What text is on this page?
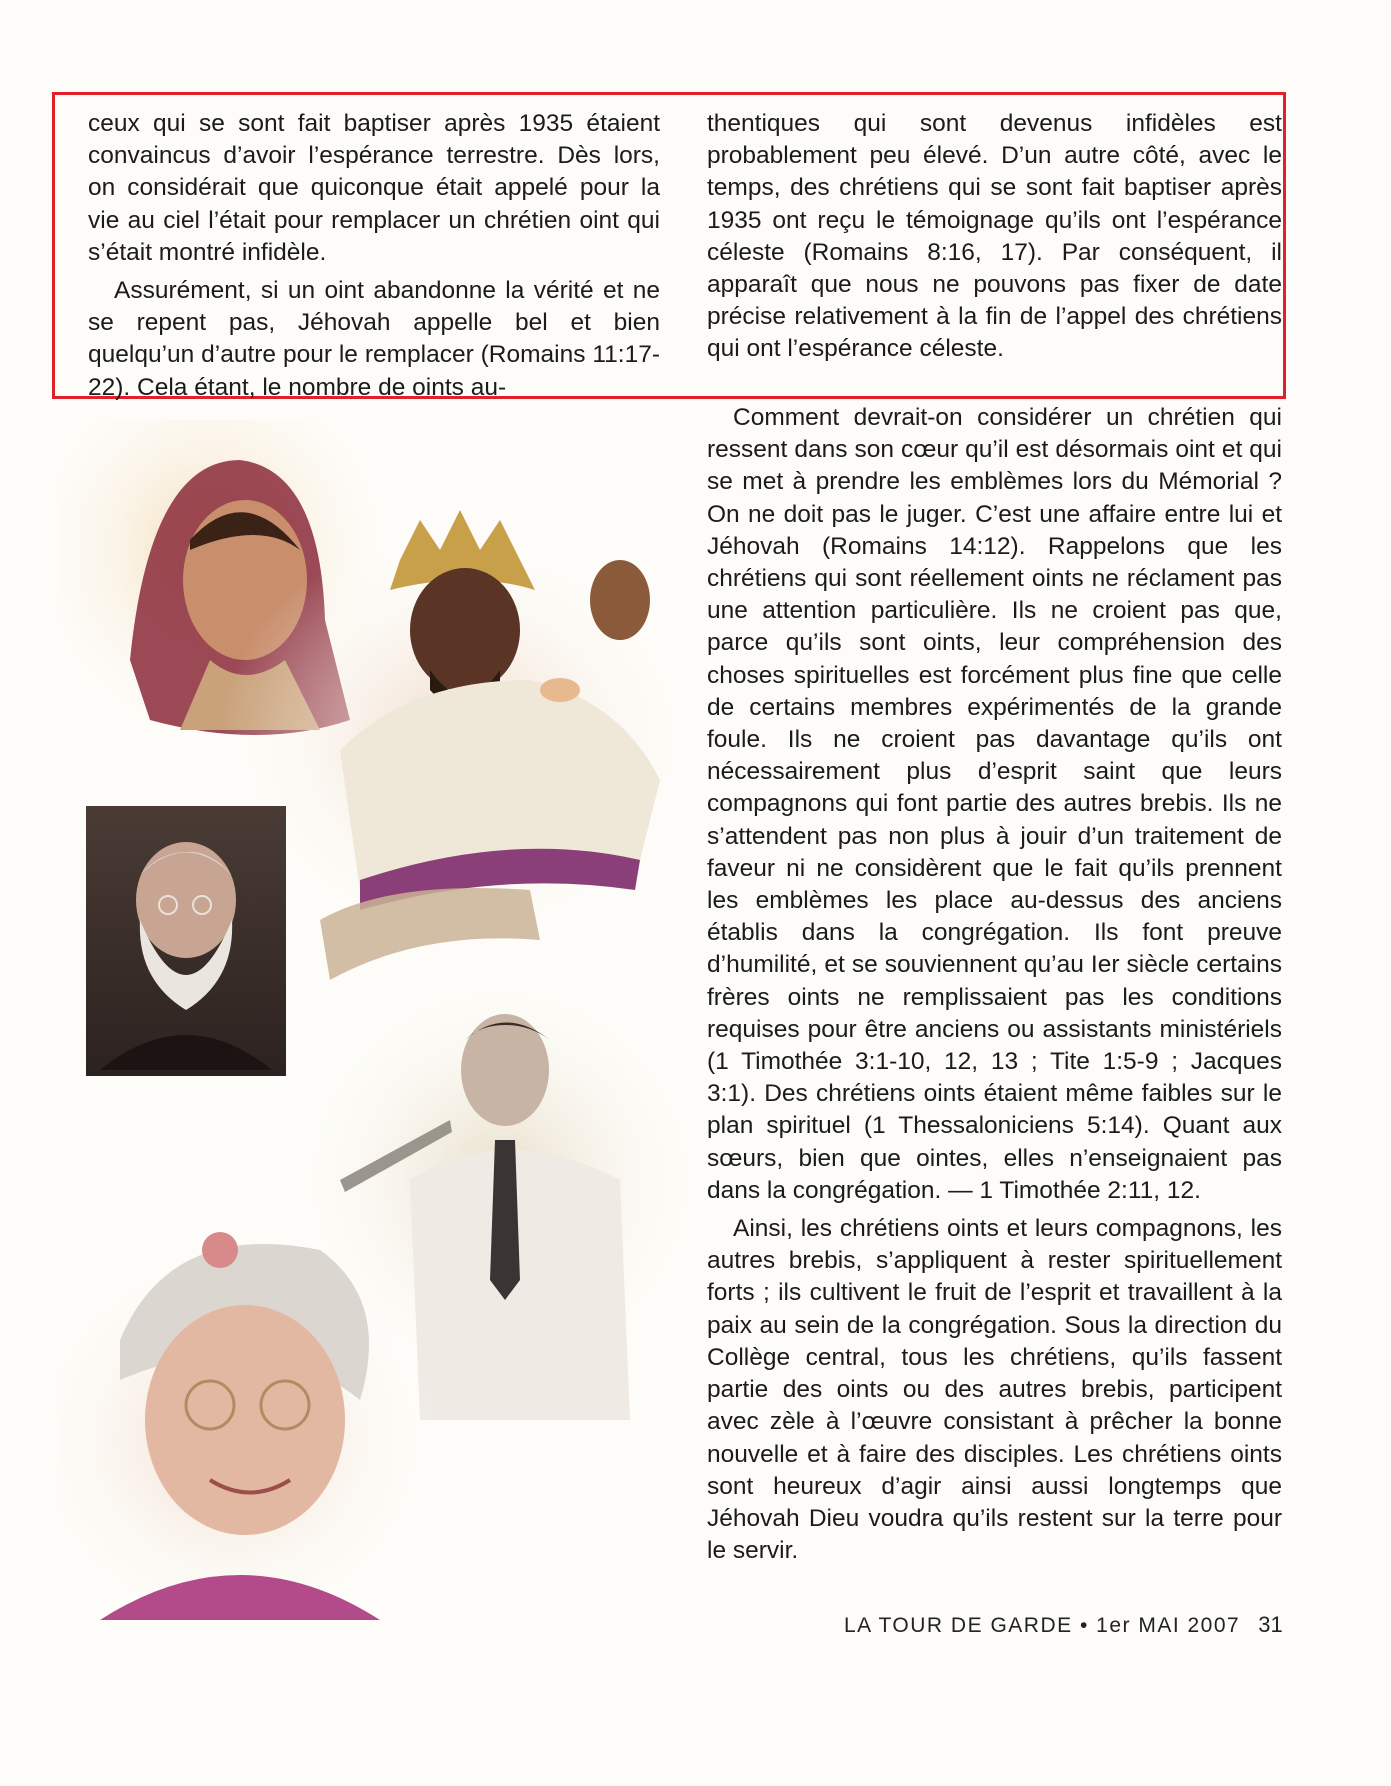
ceux qui se sont fait baptiser après 1935 étaient convaincus d’avoir l’espérance terrestre. Dès lors, on considérait que quiconque était appelé pour la vie au ciel l’était pour remplacer un chrétien oint qui s’était montré infidèle.

Assurément, si un oint abandonne la vérité et ne se repent pas, Jéhovah appelle bel et bien quelqu’un d’autre pour le remplacer (Romains 11:17-22). Cela étant, le nombre de oints au-

thentiques qui sont devenus infidèles est probablement peu élevé. D’un autre côté, avec le temps, des chrétiens qui se sont fait baptiser après 1935 ont reçu le témoignage qu’ils ont l’espérance céleste (Romains 8:16, 17). Par conséquent, il apparaît que nous ne pouvons pas fixer de date précise relativement à la fin de l’appel des chrétiens qui ont l’espérance céleste.

Comment devrait-on considérer un chrétien qui ressent dans son cœur qu’il est désormais oint et qui se met à prendre les emblèmes lors du Mémorial ? On ne doit pas le juger. C’est une affaire entre lui et Jéhovah (Romains 14:12). Rappelons que les chrétiens qui sont réellement oints ne réclament pas une attention particulière. Ils ne croient pas que, parce qu’ils sont oints, leur compréhension des choses spirituelles est forcément plus fine que celle de certains membres expérimentés de la grande foule. Ils ne croient pas davantage qu’ils ont nécessairement plus d’esprit saint que leurs compagnons qui font partie des autres brebis. Ils ne s’attendent pas non plus à jouir d’un traitement de faveur ni ne considèrent que le fait qu’ils prennent les emblèmes les place au-dessus des anciens établis dans la congrégation. Ils font preuve d’humilité, et se souviennent qu’au Ier siècle certains frères oints ne remplissaient pas les conditions requises pour être anciens ou assistants ministériels (1 Timothée 3:1-10, 12, 13 ; Tite 1:5-9 ; Jacques 3:1). Des chrétiens oints étaient même faibles sur le plan spirituel (1 Thessaloniciens 5:14). Quant aux sœurs, bien que ointes, elles n’enseignaient pas dans la congrégation. — 1 Timothée 2:11, 12.

Ainsi, les chrétiens oints et leurs compagnons, les autres brebis, s’appliquent à rester spirituellement forts ; ils cultivent le fruit de l’esprit et travaillent à la paix au sein de la congrégation. Sous la direction du Collège central, tous les chrétiens, qu’ils fassent partie des oints ou des autres brebis, participent avec zèle à l’œuvre consistant à prêcher la bonne nouvelle et à faire des disciples. Les chrétiens oints sont heureux d’agir ainsi aussi longtemps que Jéhovah Dieu voudra qu’ils restent sur la terre pour le servir.

LA TOUR DE GARDE • 1er MAI 2007 31
